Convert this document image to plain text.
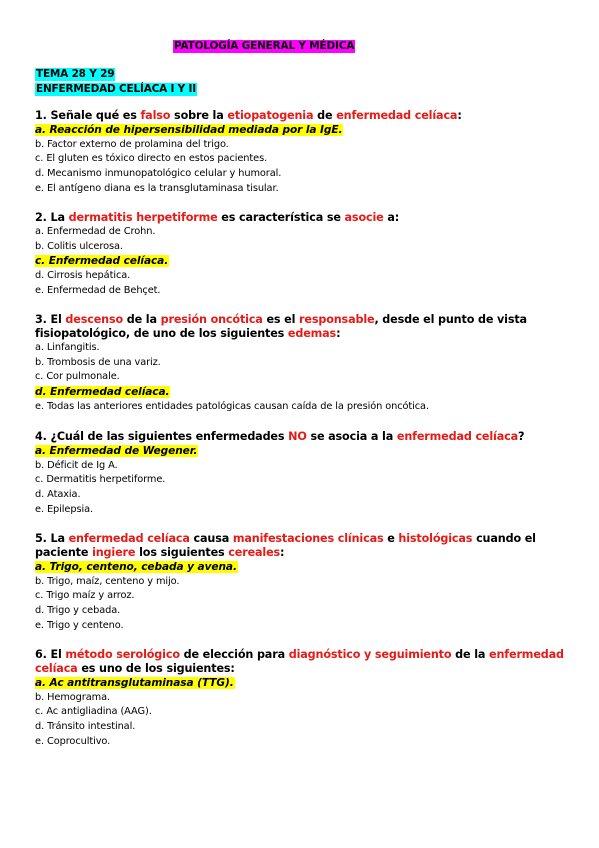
PATOLOGÍA GENERAL Y MÉDICA
TEMA 28 Y 29
ENFERMEDAD CELÍACA I Y II

1. Señale qué es falso sobre la etiopatogenia de enfermedad celíaca:

a. Reacción de hipersensibilidad mediada por la IgE.
b. Factor externo de prolamina del trigo.
c. El gluten es tóxico directo en estos pacientes.
d. Mecanismo inmunopatológico celular y humoral.
e. El antígeno diana es la transglutaminasa tisular.

2. La dermatitis herpetiforme es característica se asocie a:

a. Enfermedad de Crohn.
b. Colitis ulcerosa.
c. Enfermedad celíaca.
d. Cirrosis hepática.
e. Enfermedad de Behçet.

3. El descenso de la presión oncótica es el responsable, desde el punto de vista fisiopatológico, de uno de los siguientes edemas:

a. Linfangitis.
b. Trombosis de una variz.
c. Cor pulmonale.
d. Enfermedad celíaca.
e. Todas las anteriores entidades patológicas causan caída de la presión oncótica.

4. ¿Cuál de las siguientes enfermedades NO se asocia a la enfermedad celíaca?

a. Enfermedad de Wegener.
b. Déficit de Ig A.
c. Dermatitis herpetiforme.
d. Ataxia.
e. Epilepsia.

5. La enfermedad celíaca causa manifestaciones clínicas e histológicas cuando el paciente ingiere los siguientes cereales:

a. Trigo, centeno, cebada y avena.
b. Trigo, maíz, centeno y mijo.
c. Trigo maíz y arroz.
d. Trigo y cebada.
e. Trigo y centeno.

6. El método serológico de elección para diagnóstico y seguimiento de la enfermedad celíaca es uno de los siguientes:

a. Ac antitransglutaminasa (TTG).
b. Hemograma.
c. Ac antigliadina (AAG).
d. Tránsito intestinal.
e. Coprocultivo.
